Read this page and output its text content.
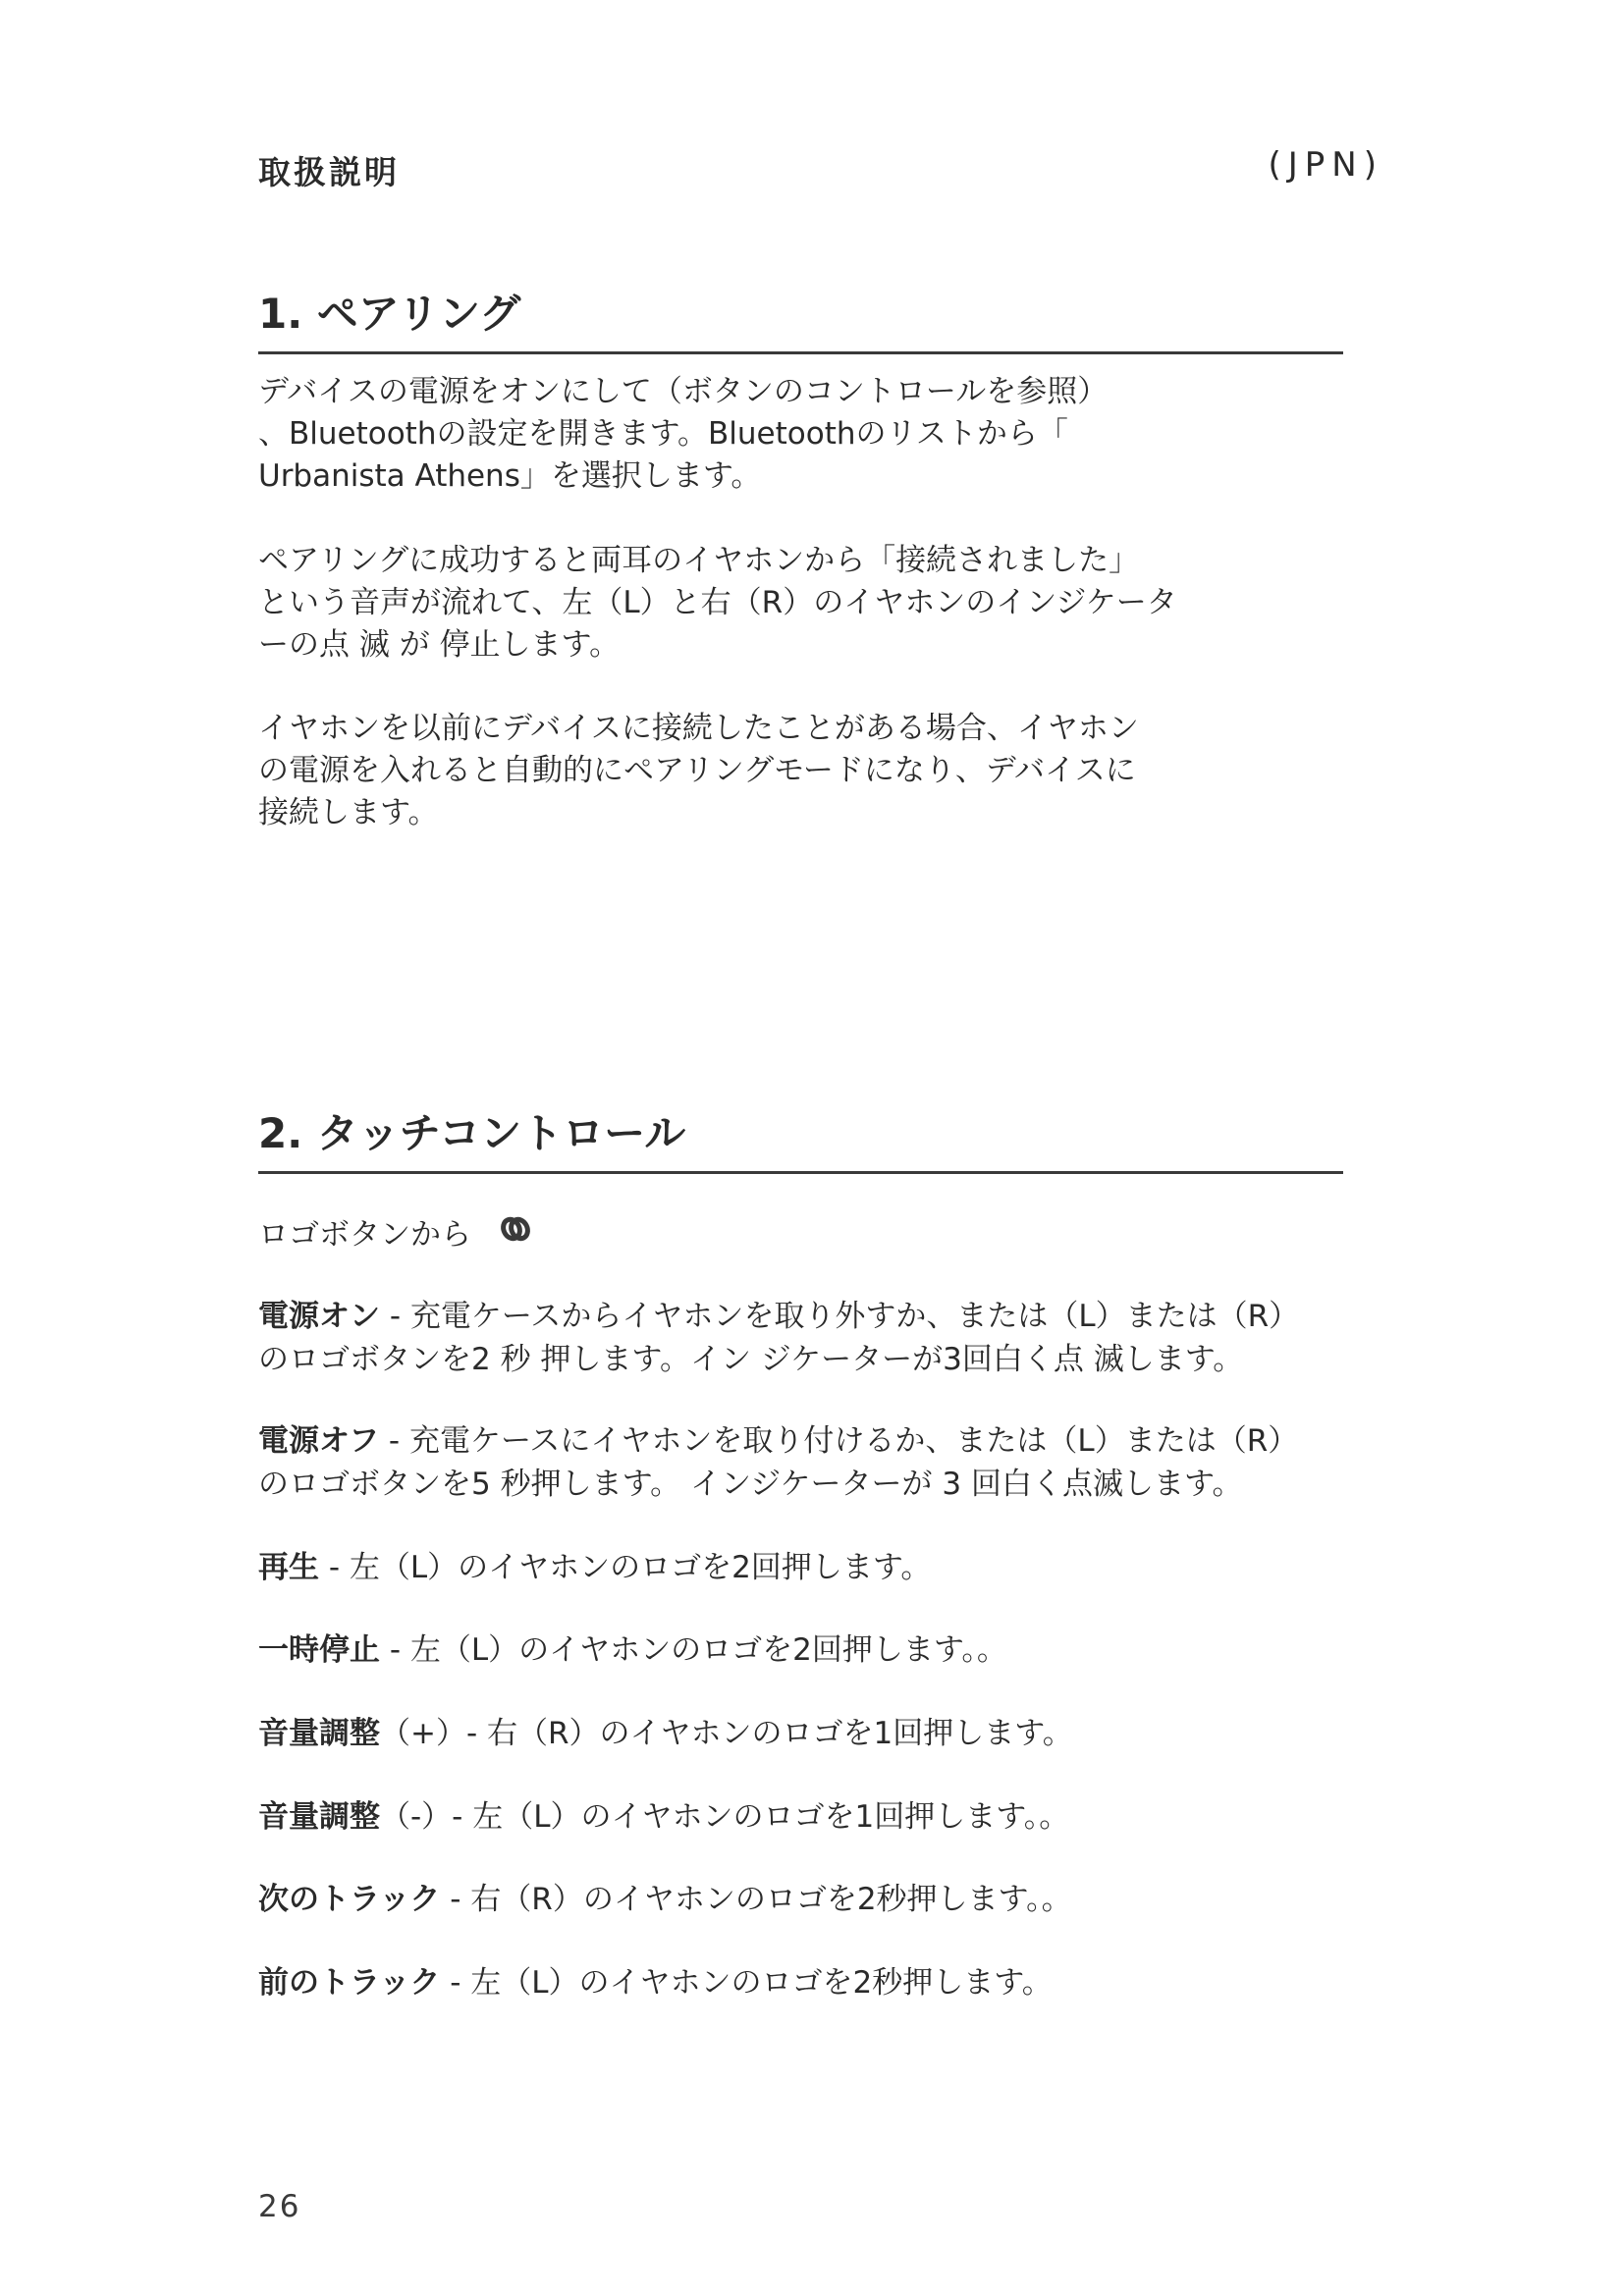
取扱説明	(JPN)
1. ペアリング
デバイスの電源をオンにして（ボタンのコントロールを参照）
、Bluetoothの設定を開きます。Bluetoothのリストから「
Urbanista Athens」を選択します。
ペアリングに成功すると両耳のイヤホンから「接続されました」
という音声が流れて、左（L）と右（R）のイヤホンのインジケータ
ーの点 滅 が 停止します。
イヤホンを以前にデバイスに接続したことがある場合、イヤホン
の電源を入れると自動的にペアリングモードになり、デバイスに
接続します。
2. タッチコントロール
ロゴボタンから
電源オン - 充電ケースからイヤホンを取り外すか、または（L）または（R）
のロゴボタンを2 秒 押します。イン ジケーターが3回白く点 滅します。
電源オフ - 充電ケースにイヤホンを取り付けるか、または（L）または（R）
のロゴボタンを5 秒押します。 インジケーターが 3 回白く点滅します。
再生 - 左（L）のイヤホンのロゴを2回押します。
一時停止 - 左（L）のイヤホンのロゴを2回押します。。
音量調整（+）- 右（R）のイヤホンのロゴを1回押します。
音量調整（-）- 左（L）のイヤホンのロゴを1回押します。。
次のトラック - 右（R）のイヤホンのロゴを2秒押します。。
前のトラック - 左（L）のイヤホンのロゴを2秒押します。
26
